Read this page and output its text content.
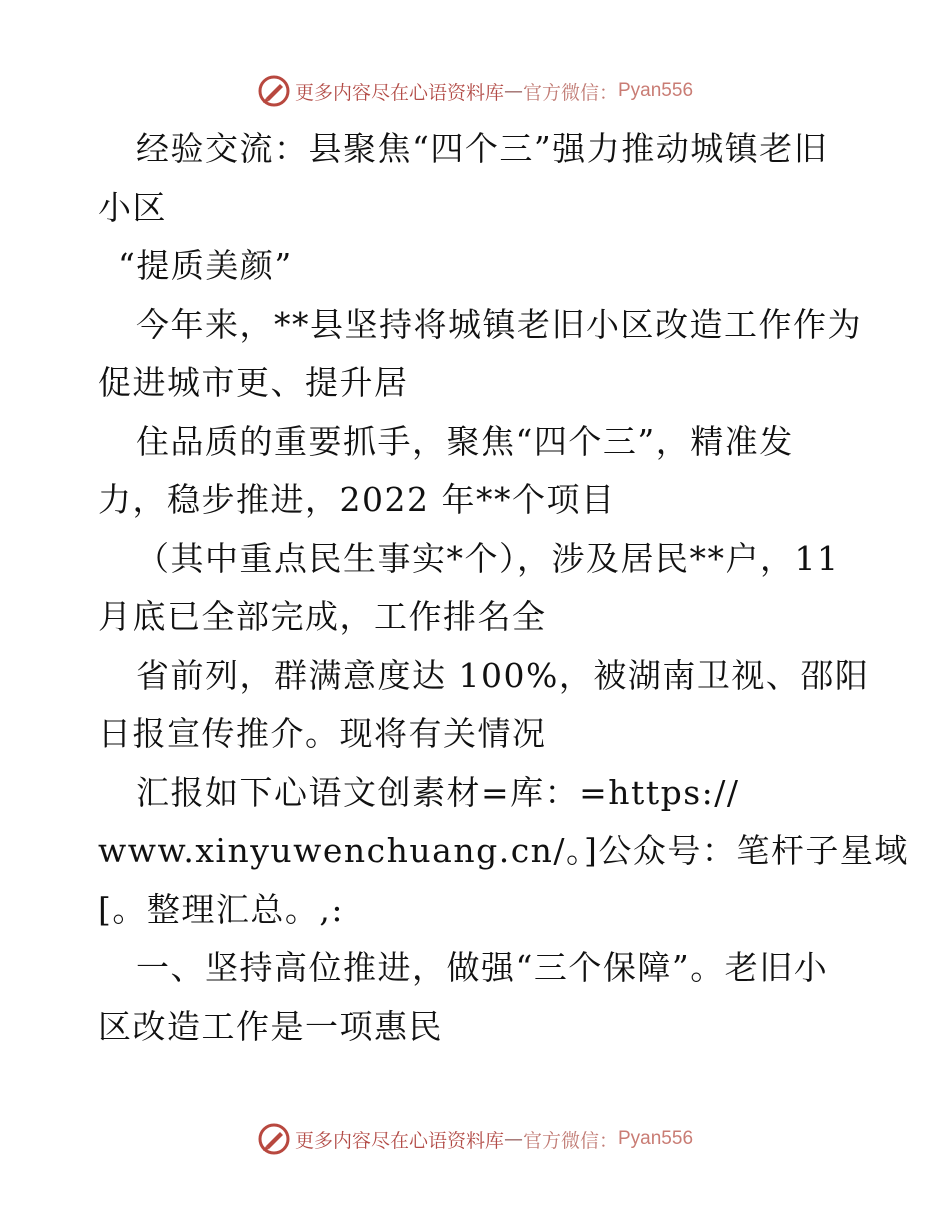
更多内容尽在心语资料库 — 官方微信： Pyan556
经验交流：县聚焦“四个三”强力推动城镇老旧
小区
“提质美颜”
今年来，**县坚持将城镇老旧小区改造工作作为
促进城市更、提升居
住品质的重要抓手，聚焦“四个三”，精准发
力，稳步推进，2022 年**个项目
（其中重点民生事实*个），涉及居民**户，11
月底已全部完成，工作排名全
省前列，群满意度达 100%，被湖南卫视、邵阳
日报宣传推介。现将有关情况
汇报如下心语文创素材=库：=https://
www.xinyuwenchuang.cn/。]公众号：笔杆子星域
[。整理汇总。,:
一、坚持高位推进，做强“三个保障”。老旧小
区改造工作是一项惠民
更多内容尽在心语资料库 — 官方微信： Pyan556
